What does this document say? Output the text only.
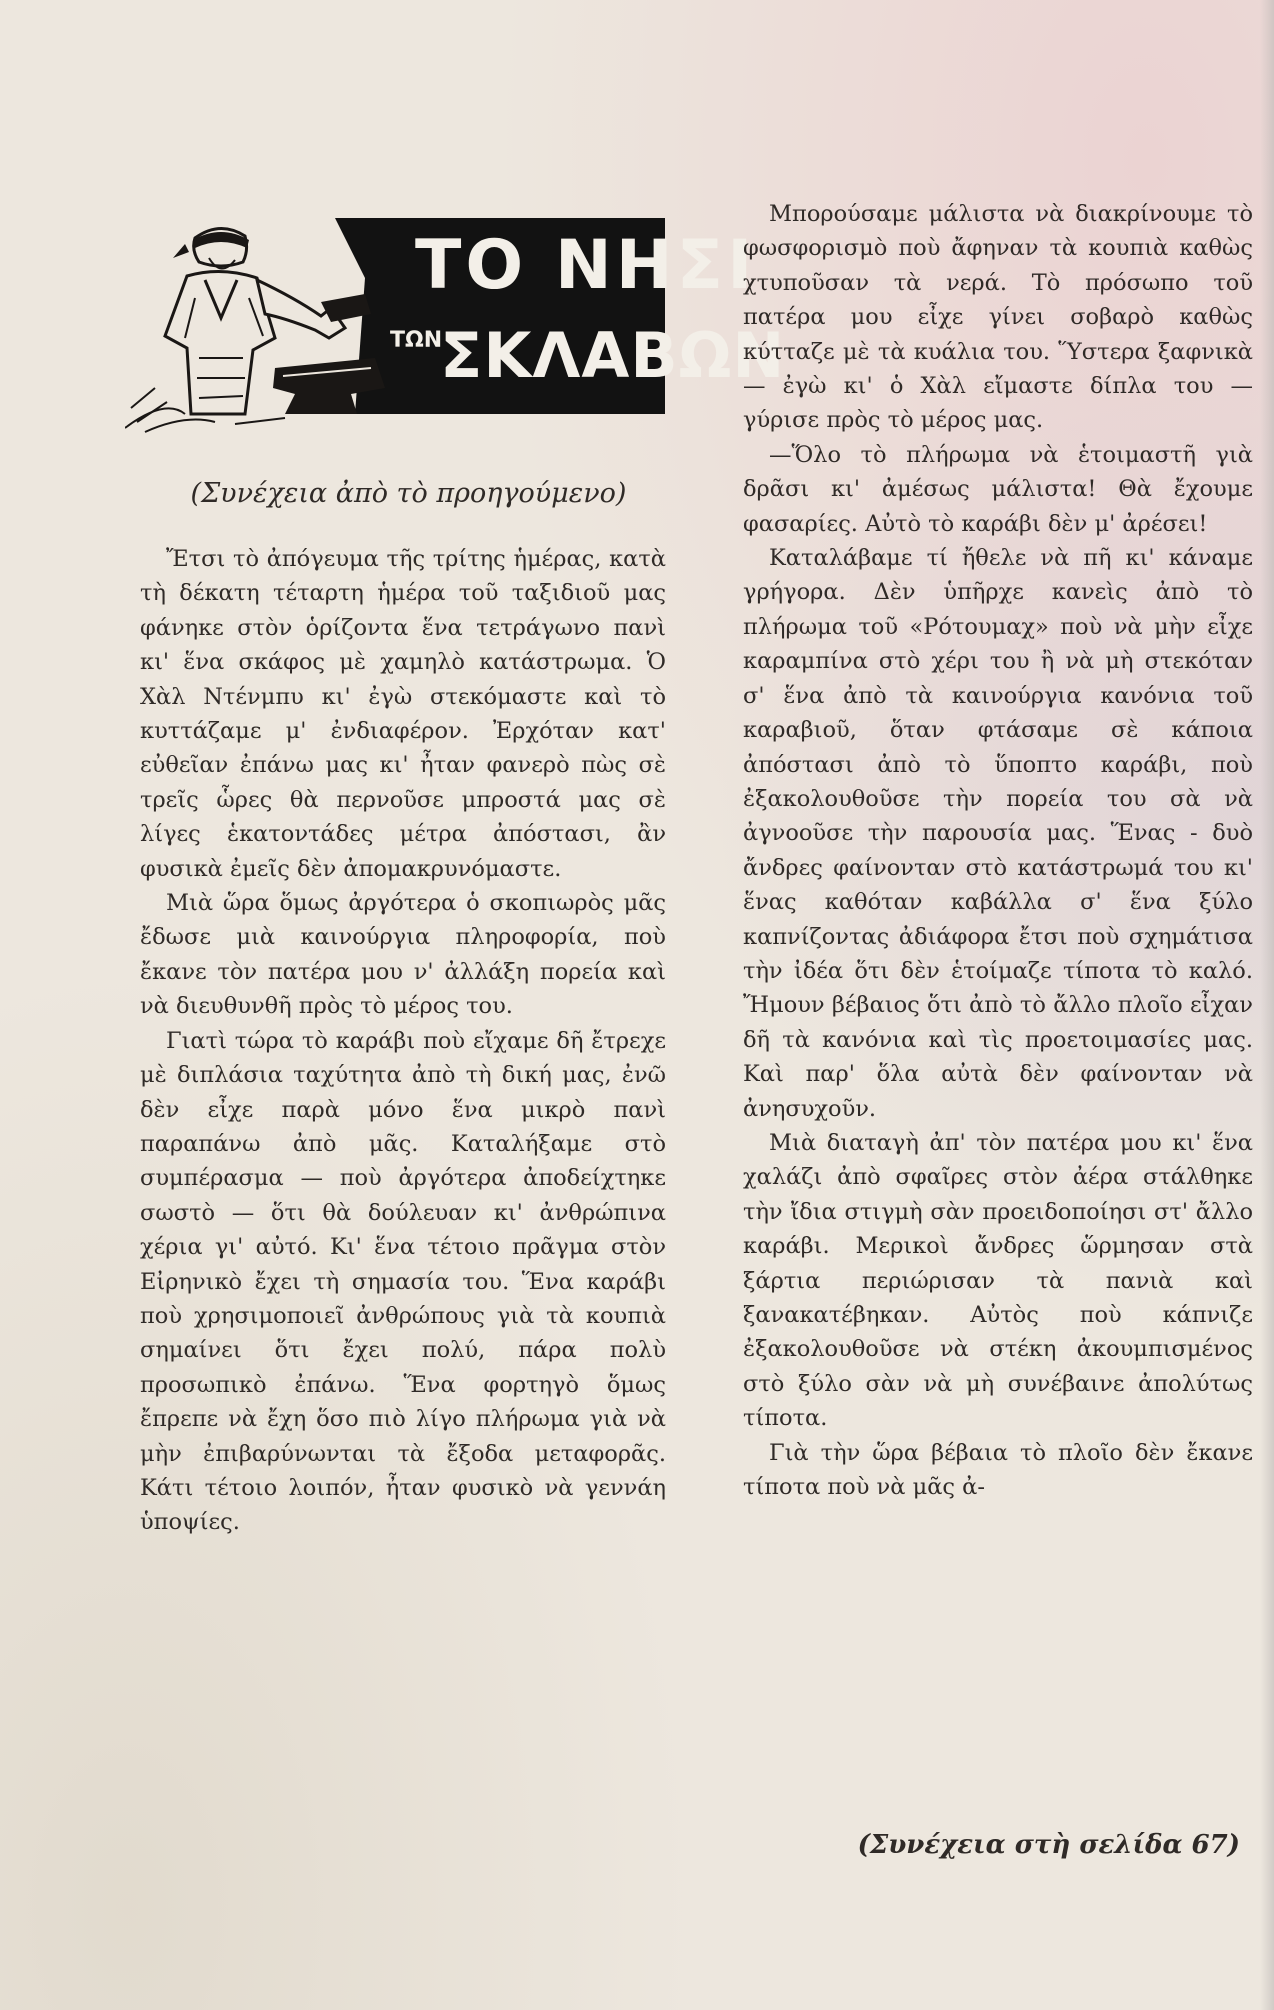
ΤΟ ΝΗΣΙ
ΤΩΝ
ΣΚΛΑΒΩΝ
(Συνέχεια ἀπὸ τὸ προηγούμενο)

Ἔτσι τὸ ἀπόγευμα τῆς τρίτης ἡμέρας, κατὰ τὴ δέκατη τέταρτη ἡμέρα τοῦ ταξιδιοῦ μας φάνηκε στὸν ὁρίζοντα ἕνα τετράγωνο πανὶ κι' ἕνα σκάφος μὲ χαμηλὸ κατάστρωμα. Ὁ Χὰλ Ντένμπυ κι' ἐγὼ στεκόμαστε καὶ τὸ κυττάζαμε μ' ἐνδιαφέρον. Ἐρχόταν κατ' εὐθεῖαν ἐπάνω μας κι' ἦταν φανερὸ πὼς σὲ τρεῖς ὧρες θὰ περνοῦσε μπροστά μας σὲ λίγες ἑκατοντάδες μέτρα ἀπόστασι, ἂν φυσικὰ ἐμεῖς δὲν ἀπομακρυνόμαστε.

Μιὰ ὥρα ὅμως ἀργότερα ὁ σκοπιωρὸς μᾶς ἔδωσε μιὰ καινούργια πληροφορία, ποὺ ἔκανε τὸν πατέρα μου ν' ἀλλάξη πορεία καὶ νὰ διευθυνθῆ πρὸς τὸ μέρος του.

Γιατὶ τώρα τὸ καράβι ποὺ εἴχαμε δῆ ἔτρεχε μὲ διπλάσια ταχύτητα ἀπὸ τὴ δική μας, ἐνῶ δὲν εἶχε παρὰ μόνο ἕνα μικρὸ πανὶ παραπάνω ἀπὸ μᾶς. Καταλήξαμε στὸ συμπέρασμα — ποὺ ἀργότερα ἀποδείχτηκε σωστὸ — ὅτι θὰ δούλευαν κι' ἀνθρώπινα χέρια γι' αὐτό. Κι' ἕνα τέτοιο πρᾶγμα στὸν Εἰρηνικὸ ἔχει τὴ σημασία του. Ἕνα καράβι ποὺ χρησιμοποιεῖ ἀνθρώπους γιὰ τὰ κουπιὰ σημαίνει ὅτι ἔχει πολύ, πάρα πολὺ προσωπικὸ ἐπάνω. Ἕνα φορτηγὸ ὅμως ἔπρεπε νὰ ἔχη ὅσο πιὸ λίγο πλήρωμα γιὰ νὰ μὴν ἐπιβαρύνωνται τὰ ἔξοδα μεταφορᾶς. Κάτι τέτοιο λοιπόν, ἦταν φυσικὸ νὰ γεννάη ὑποψίες.

Μπορούσαμε μάλιστα νὰ διακρίνουμε τὸ φωσφορισμὸ ποὺ ἄφηναν τὰ κουπιὰ καθὼς χτυποῦσαν τὰ νερά. Τὸ πρόσωπο τοῦ πατέρα μου εἶχε γίνει σοβαρὸ καθὼς κύτταζε μὲ τὰ κυάλια του. Ὕστερα ξαφνικὰ — ἐγὼ κι' ὁ Χὰλ εἴμαστε δίπλα του — γύρισε πρὸς τὸ μέρος μας.

—Ὅλο τὸ πλήρωμα νὰ ἑτοιμαστῆ γιὰ δρᾶσι κι' ἀμέσως μάλιστα! Θὰ ἔχουμε φασαρίες. Αὐτὸ τὸ καράβι δὲν μ' ἀρέσει!

Καταλάβαμε τί ἤθελε νὰ πῆ κι' κάναμε γρήγορα. Δὲν ὑπῆρχε κανεὶς ἀπὸ τὸ πλήρωμα τοῦ «Ρότουμαχ» ποὺ νὰ μὴν εἶχε καραμπίνα στὸ χέρι του ἢ νὰ μὴ στεκόταν σ' ἕνα ἀπὸ τὰ καινούργια κανόνια τοῦ καραβιοῦ, ὅταν φτάσαμε σὲ κάποια ἀπόστασι ἀπὸ τὸ ὕποπτο καράβι, ποὺ ἐξακολουθοῦσε τὴν πορεία του σὰ νὰ ἀγνοοῦσε τὴν παρουσία μας. Ἕνας - δυὸ ἄνδρες φαίνονταν στὸ κατάστρωμά του κι' ἕνας καθόταν καβάλλα σ' ἕνα ξύλο καπνίζοντας ἀδιάφορα ἔτσι ποὺ σχημάτισα τὴν ἰδέα ὅτι δὲν ἑτοίμαζε τίποτα τὸ καλό. Ἤμουν βέβαιος ὅτι ἀπὸ τὸ ἄλλο πλοῖο εἶχαν δῆ τὰ κανόνια καὶ τὶς προετοιμασίες μας. Καὶ παρ' ὅλα αὐτὰ δὲν φαίνονταν νὰ ἀνησυχοῦν.

Μιὰ διαταγὴ ἀπ' τὸν πατέρα μου κι' ἕνα χαλάζι ἀπὸ σφαῖρες στὸν ἀέρα στάλθηκε τὴν ἴδια στιγμὴ σὰν προειδοποίησι στ' ἄλλο καράβι. Μερικοὶ ἄνδρες ὥρμησαν στὰ ξάρτια περιώρισαν τὰ πανιὰ καὶ ξανακατέβηκαν. Αὐτὸς ποὺ κάπνιζε ἐξακολουθοῦσε νὰ στέκη ἀκουμπισμένος στὸ ξύλο σὰν νὰ μὴ συνέβαινε ἀπολύτως τίποτα.

Γιὰ τὴν ὥρα βέβαια τὸ πλοῖο δὲν ἔκανε τίποτα ποὺ νὰ μᾶς ἀ-

(Συνέχεια στὴ σελίδα 67)
